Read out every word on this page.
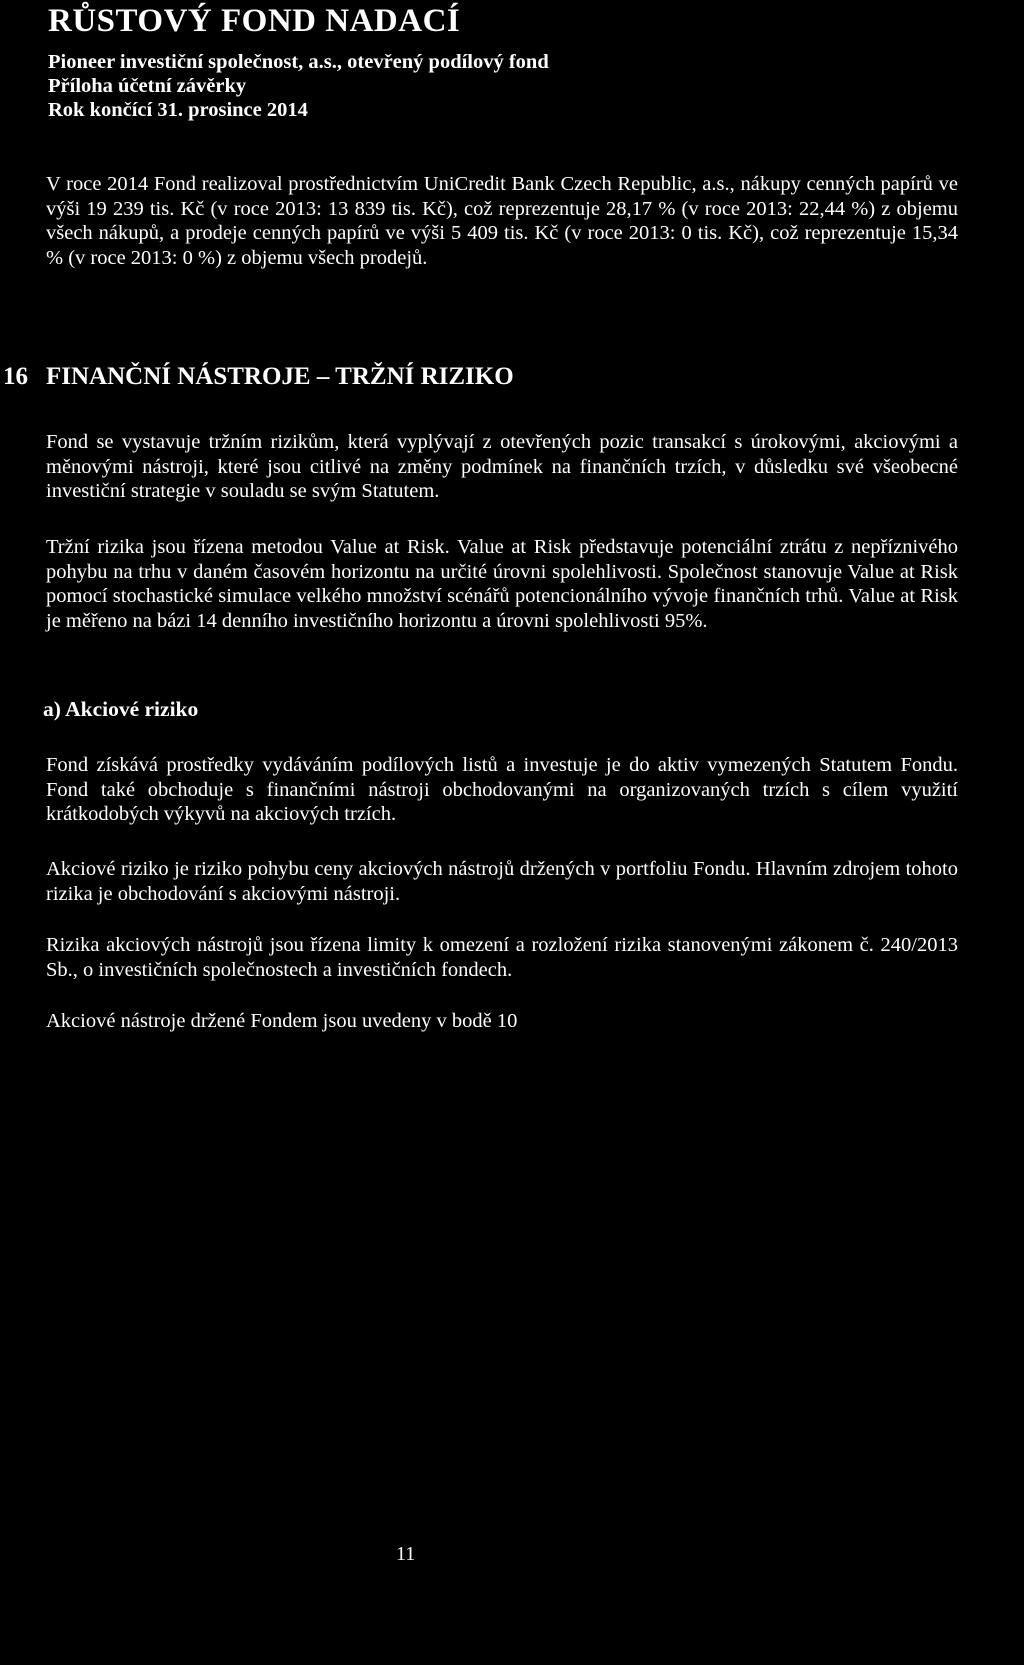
RŮSTOVÝ FOND NADACÍ
Pioneer investiční společnost, a.s., otevřený podílový fond
Příloha účetní závěrky
Rok končící 31. prosince 2014
V roce 2014 Fond realizoval prostřednictvím UniCredit Bank Czech Republic, a.s., nákupy cenných papírů ve výši 19 239 tis. Kč (v roce 2013: 13 839 tis. Kč), což reprezentuje 28,17 % (v roce 2013: 22,44 %) z objemu všech nákupů, a prodeje cenných papírů ve výši 5 409 tis. Kč (v roce 2013: 0 tis. Kč), což reprezentuje 15,34 % (v roce 2013: 0 %) z objemu všech prodejů.
16 FINANČNÍ NÁSTROJE – TRŽNÍ RIZIKO
Fond se vystavuje tržním rizikům, která vyplývají z otevřených pozic transakcí s úrokovými, akciovými a měnovými nástroji, které jsou citlivé na změny podmínek na finančních trzích, v důsledku své všeobecné investiční strategie v souladu se svým Statutem.
Tržní rizika jsou řízena metodou Value at Risk. Value at Risk představuje potenciální ztrátu z nepříznivého pohybu na trhu v daném časovém horizontu na určité úrovni spolehlivosti. Společnost stanovuje Value at Risk pomocí stochastické simulace velkého množství scénářů potencionálního vývoje finančních trhů. Value at Risk je měřeno na bázi 14 denního investičního horizontu a úrovni spolehlivosti 95%.
a) Akciové riziko
Fond získává prostředky vydáváním podílových listů a investuje je do aktiv vymezených Statutem Fondu. Fond také obchoduje s finančními nástroji obchodovanými na organizovaných trzích s cílem využití krátkodobých výkyvů na akciových trzích.
Akciové riziko je riziko pohybu ceny akciových nástrojů držených v portfoliu Fondu. Hlavním zdrojem tohoto rizika je obchodování s akciovými nástroji.
Rizika akciových nástrojů jsou řízena limity k omezení a rozložení rizika stanovenými zákonem č. 240/2013 Sb., o investičních společnostech a investičních fondech.
Akciové nástroje držené Fondem jsou uvedeny v bodě 10
11
